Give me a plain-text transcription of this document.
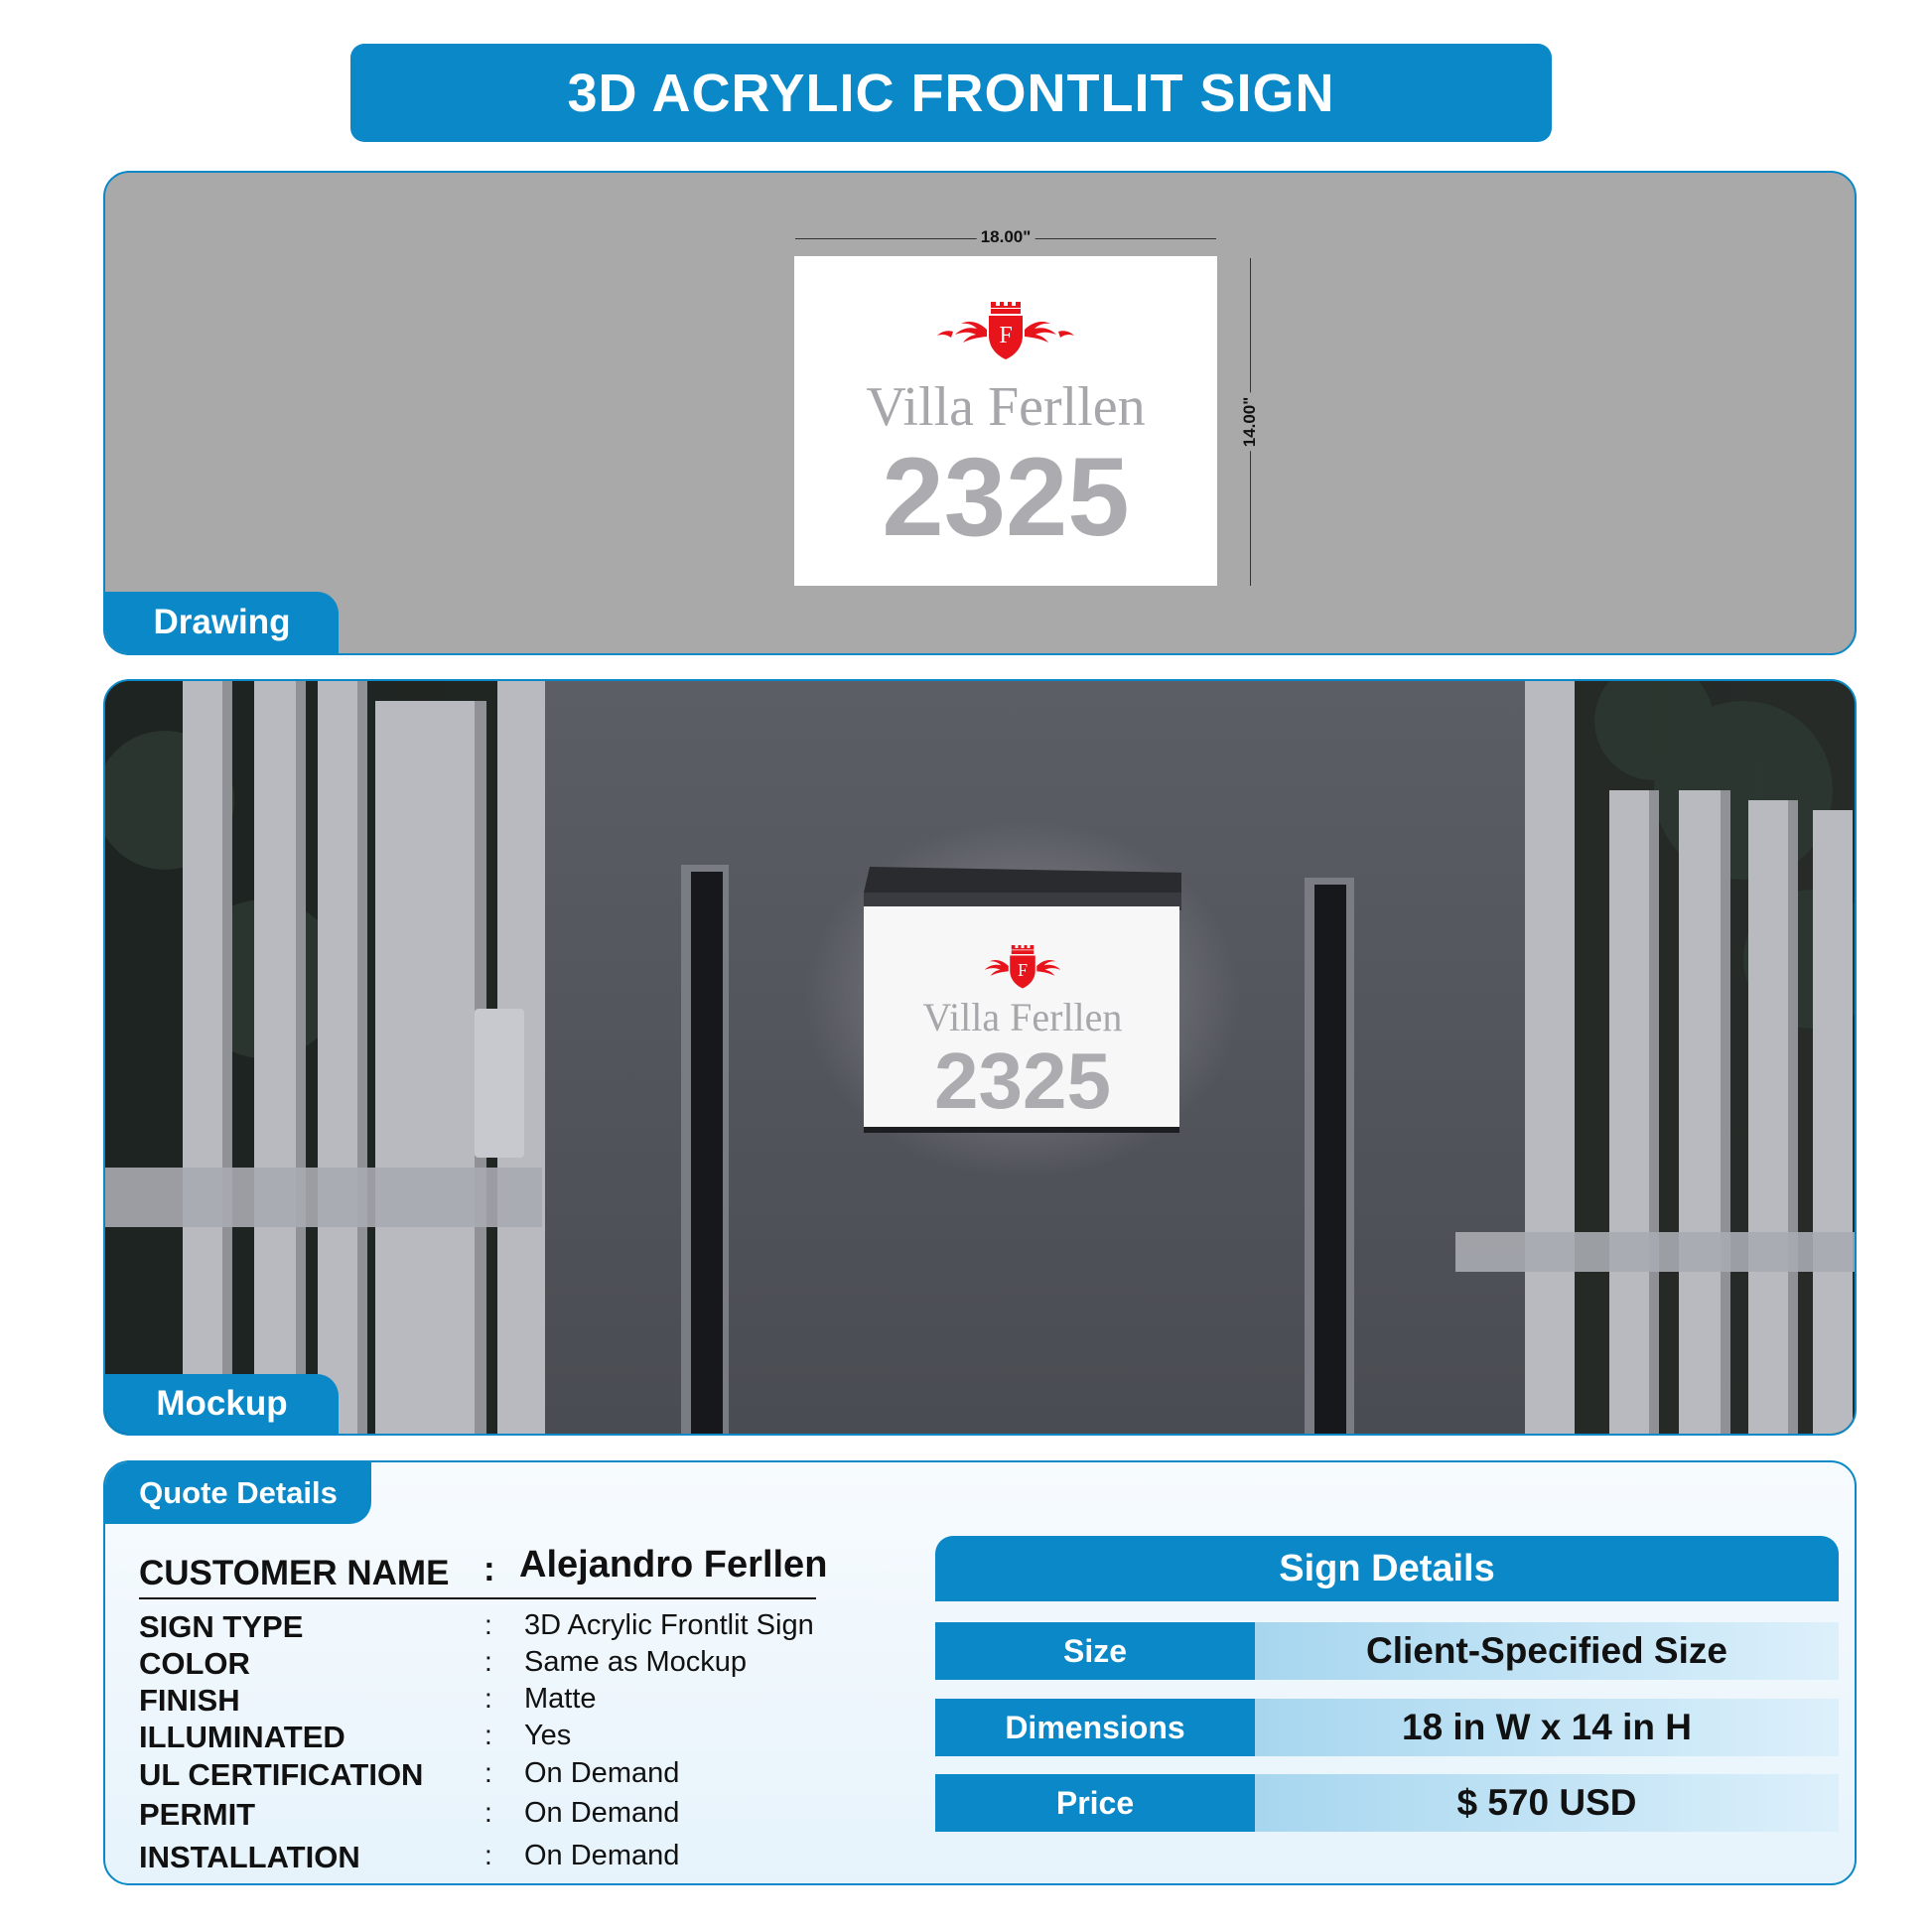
3D ACRYLIC FRONTLIT SIGN
18.00"
14.00"
F
Villa Ferllen
2325
Drawing
F
Villa Ferllen
2325
Mockup
Quote Details
CUSTOMER NAME : Alejandro Ferllen
SIGN TYPE	: 3D Acrylic Frontlit Sign
COLOR	: Same as Mockup
FINISH	: Matte
ILLUMINATED	: Yes
UL CERTIFICATION : On Demand
PERMIT	: On Demand
INSTALLATION	: On Demand
Sign Details
Size	Client-Specified Size
Dimensions	18 in W x 14 in H
Price	$ 570 USD
